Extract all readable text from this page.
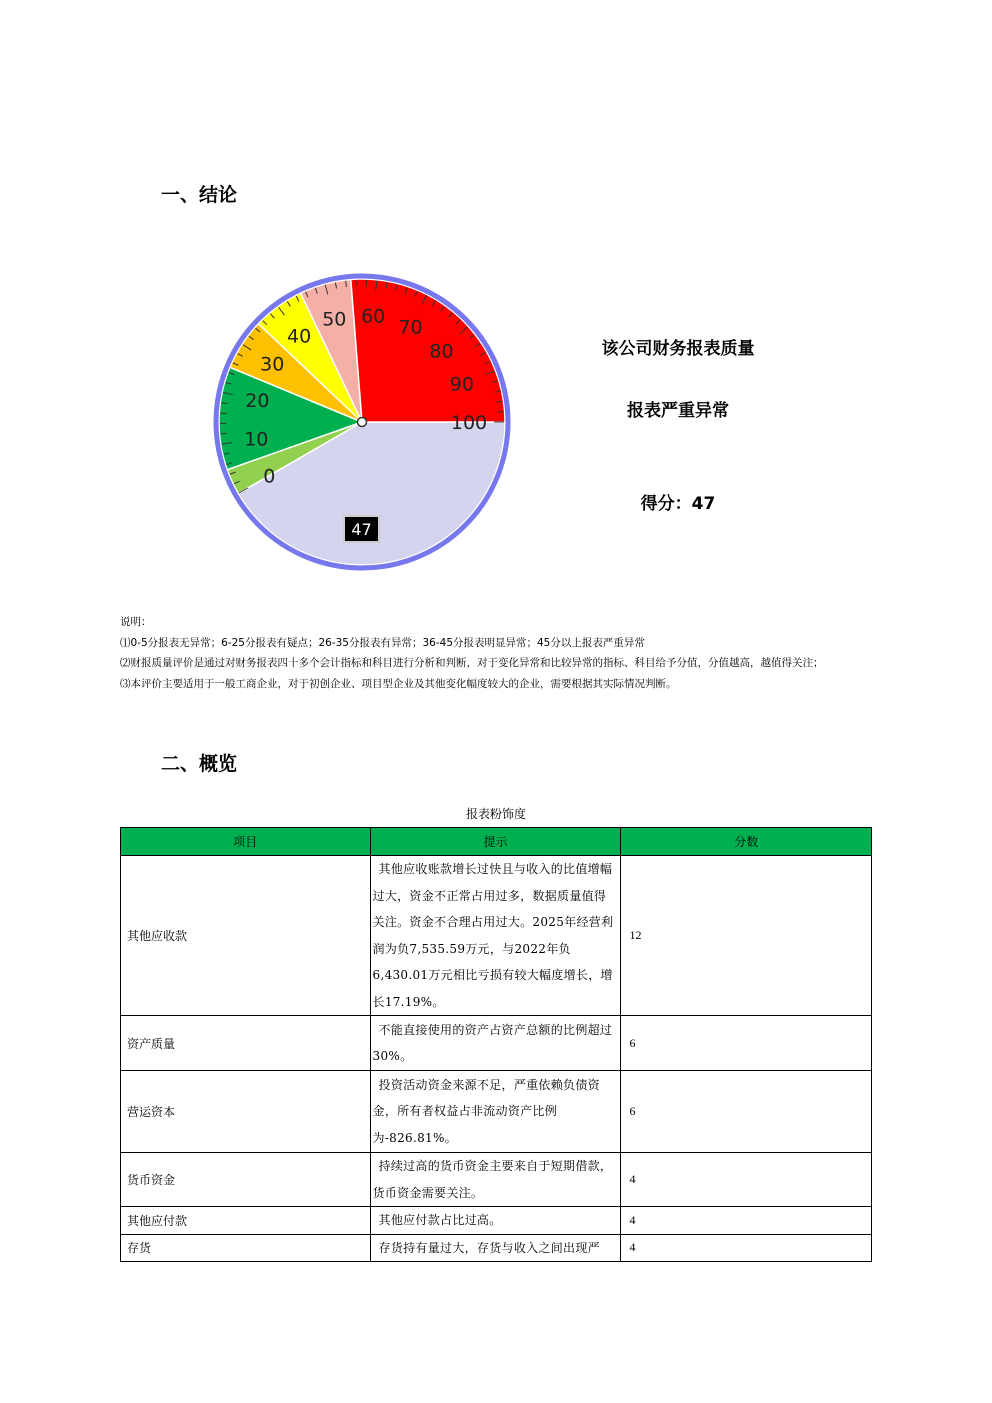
一、结论
0
10
20
30
40
50 60
70
80
90
100
47
该公司财务报表质量
报表严重异常
得分：47
说明：
⑴0-5分报表无异常；6-25分报表有疑点；26-35分报表有异常；36-45分报表明显异常；45分以上报表严重异常
⑵财报质量评价是通过对财务报表四十多个会计指标和科目进行分析和判断，对于变化异常和比较异常的指标、科目给予分值，分值越高，越值得关注；
⑶本评价主要适用于一般工商企业，对于初创企业、项目型企业及其他变化幅度较大的企业，需要根据其实际情况判断。
二、概览
报表粉饰度
项目	提示	分数
其他应收款	其他应收账款增长过快且与收入的比值增幅过大，资金不正常占用过多，数据质量值得关注。资金不合理占用过大。2025年经营利润为负7,535.59万元，与2022年负6,430.01万元相比亏损有较大幅度增长，增长17.19%。	12
资产质量	不能直接使用的资产占资产总额的比例超过30%。	6
营运资本	投资活动资金来源不足，严重依赖负债资金，所有者权益占非流动资产比例为-826.81%。	6
货币资金	持续过高的货币资金主要来自于短期借款，货币资金需要关注。	4
其他应付款	其他应付款占比过高。	4
存货	存货持有量过大，存货与收入之间出现严	4
